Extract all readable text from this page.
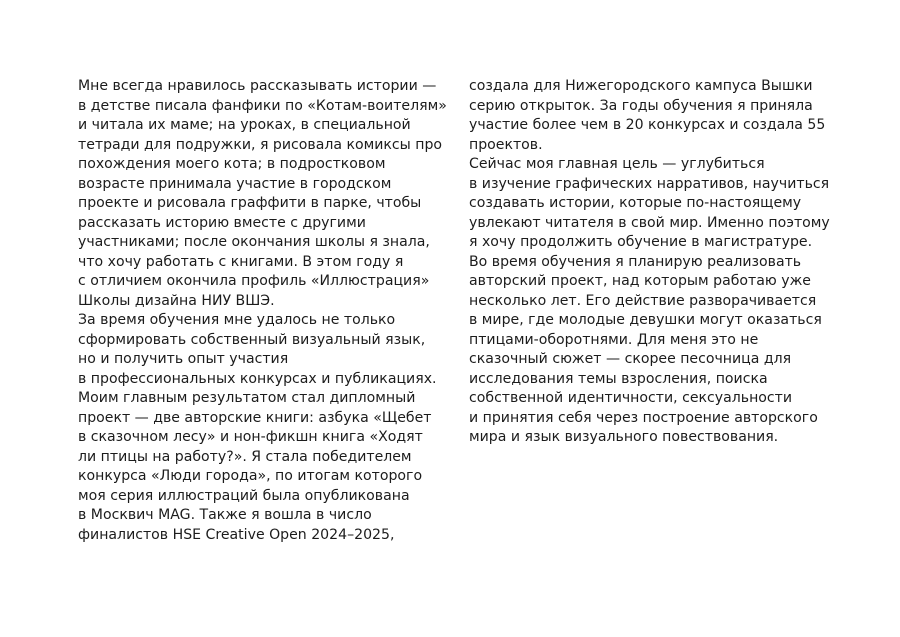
Мне всегда нравилось рассказывать истории —
в детстве писала фанфики по «Котам-воителям»
и читала их маме; на уроках, в специальной
тетради для подружки, я рисовала комиксы про
похождения моего кота; в подростковом
возрасте принимала участие в городском
проекте и рисовала граффити в парке, чтобы
рассказать историю вместе с другими
участниками; после окончания школы я знала,
что хочу работать с книгами. В этом году я
с отличием окончила профиль «Иллюстрация»
Школы дизайна НИУ ВШЭ.
За время обучения мне удалось не только
сформировать собственный визуальный язык,
но и получить опыт участия
в профессиональных конкурсах и публикациях.
Моим главным результатом стал дипломный
проект — две авторские книги: азбука «Щебет
в сказочном лесу» и нон-фикшн книга «Ходят
ли птицы на работу?». Я стала победителем
конкурса «Люди города», по итогам которого
моя серия иллюстраций была опубликована
в Москвич MAG. Также я вошла в число
финалистов HSE Creative Open 2024–2025,
создала для Нижегородского кампуса Вышки
серию открыток. За годы обучения я приняла
участие более чем в 20 конкурсах и создала 55
проектов.
Сейчас моя главная цель — углубиться
в изучение графических нарративов, научиться
создавать истории, которые по-настоящему
увлекают читателя в свой мир. Именно поэтому
я хочу продолжить обучение в магистратуре.
Во время обучения я планирую реализовать
авторский проект, над которым работаю уже
несколько лет. Его действие разворачивается
в мире, где молодые девушки могут оказаться
птицами-оборотнями. Для меня это не
сказочный сюжет — скорее песочница для
исследования темы взросления, поиска
собственной идентичности, сексуальности
и принятия себя через построение авторского
мира и язык визуального повествования.
